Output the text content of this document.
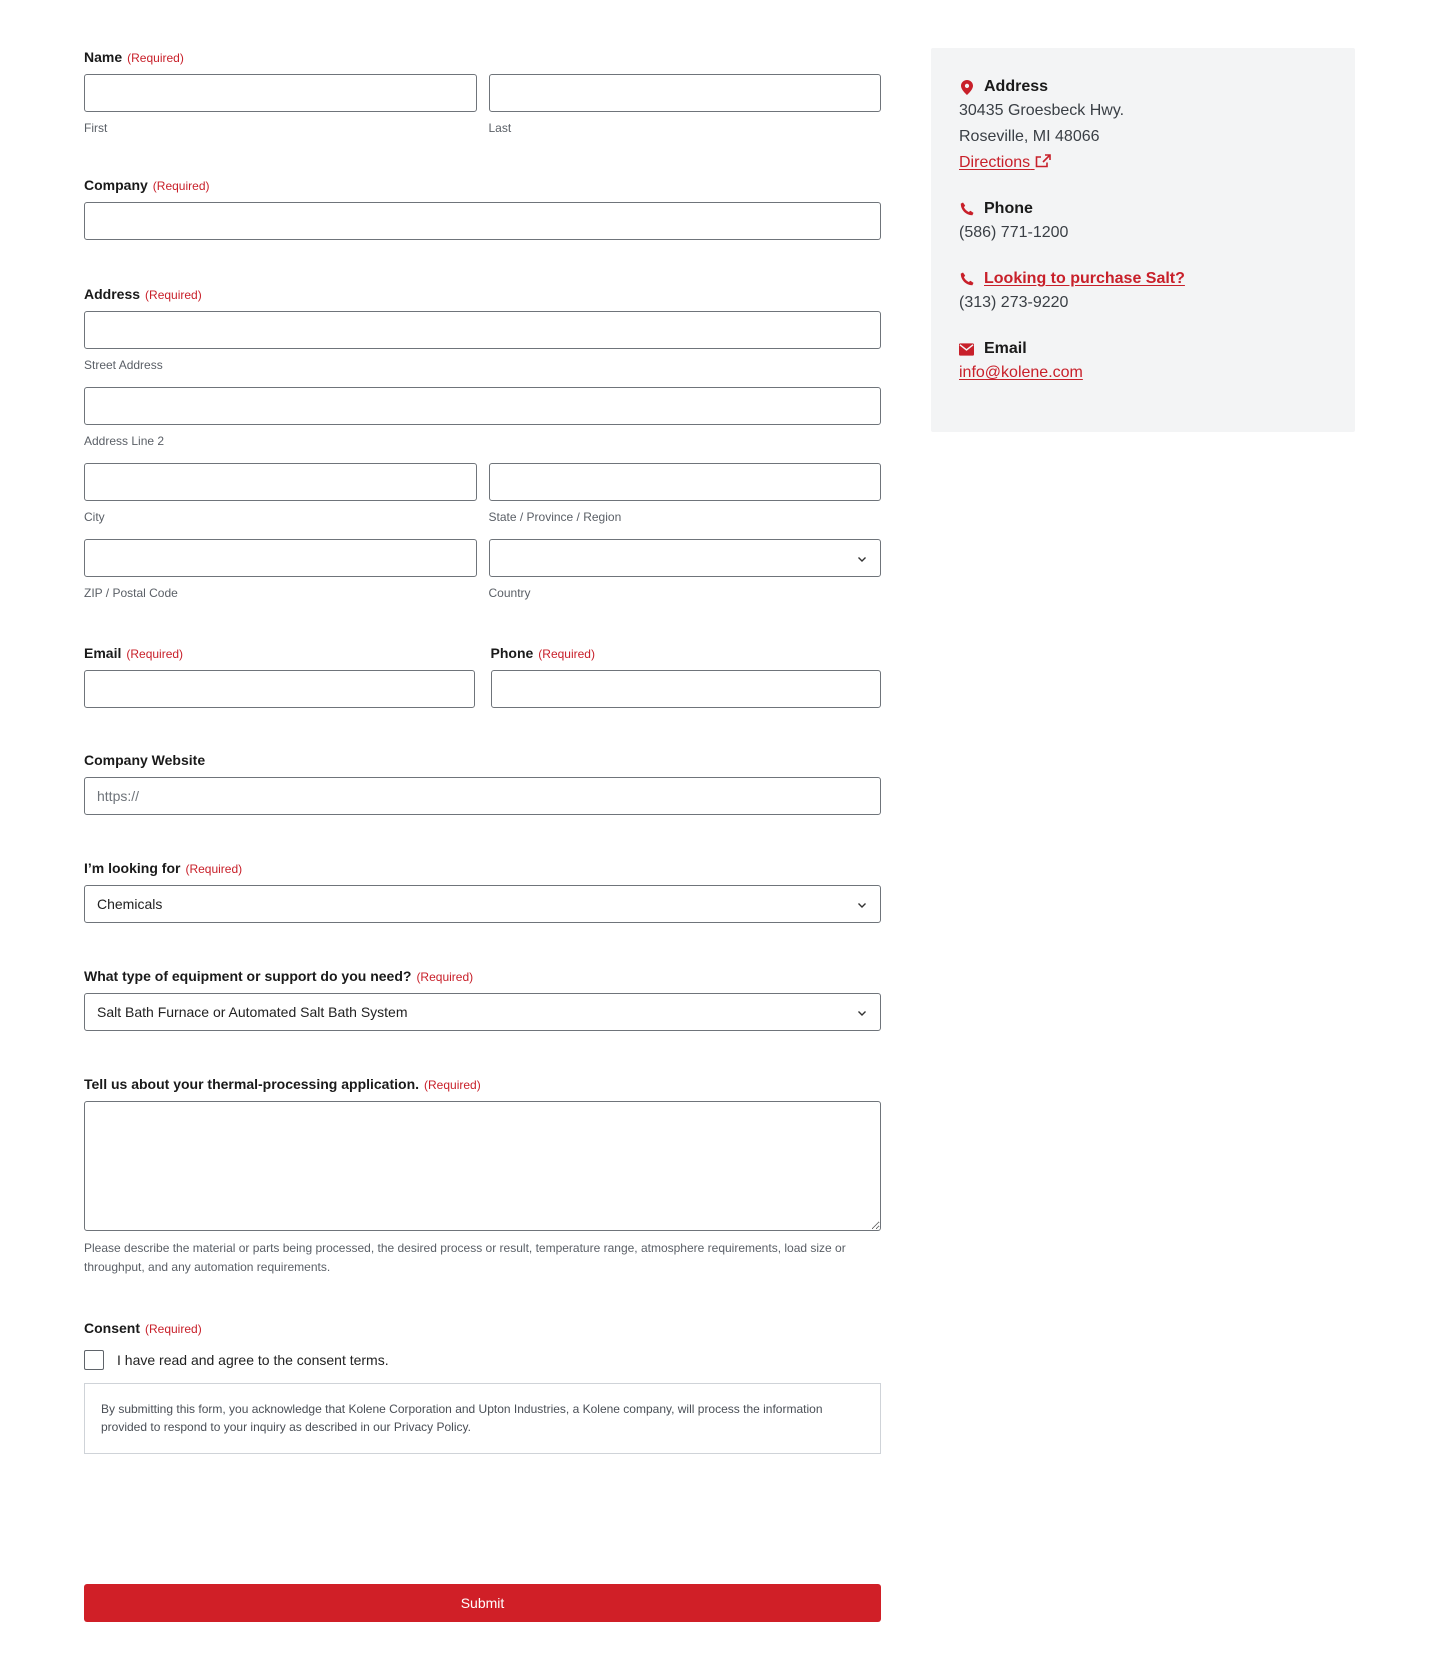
Name (Required)
First	Last
Company (Required)
Address (Required)
Street Address
Address Line 2
City	State / Province / Region
ZIP / Postal Code	Country
Email (Required)	Phone (Required)
Company Website
https://
I’m looking for (Required)
Chemicals
What type of equipment or support do you need? (Required)
Salt Bath Furnace or Automated Salt Bath System
Tell us about your thermal-processing application. (Required)
Please describe the material or parts being processed, the desired process or result, temperature range, atmosphere requirements, load size or throughput, and any automation requirements.
Consent (Required)
I have read and agree to the consent terms.
By submitting this form, you acknowledge that Kolene Corporation and Upton Industries, a Kolene company, will process the information provided to respond to your inquiry as described in our Privacy Policy.
Submit
Address
30435 Groesbeck Hwy.
Roseville, MI 48066
Directions
Phone
(586) 771-1200
Looking to purchase Salt?
(313) 273-9220
Email
info@kolene.com
